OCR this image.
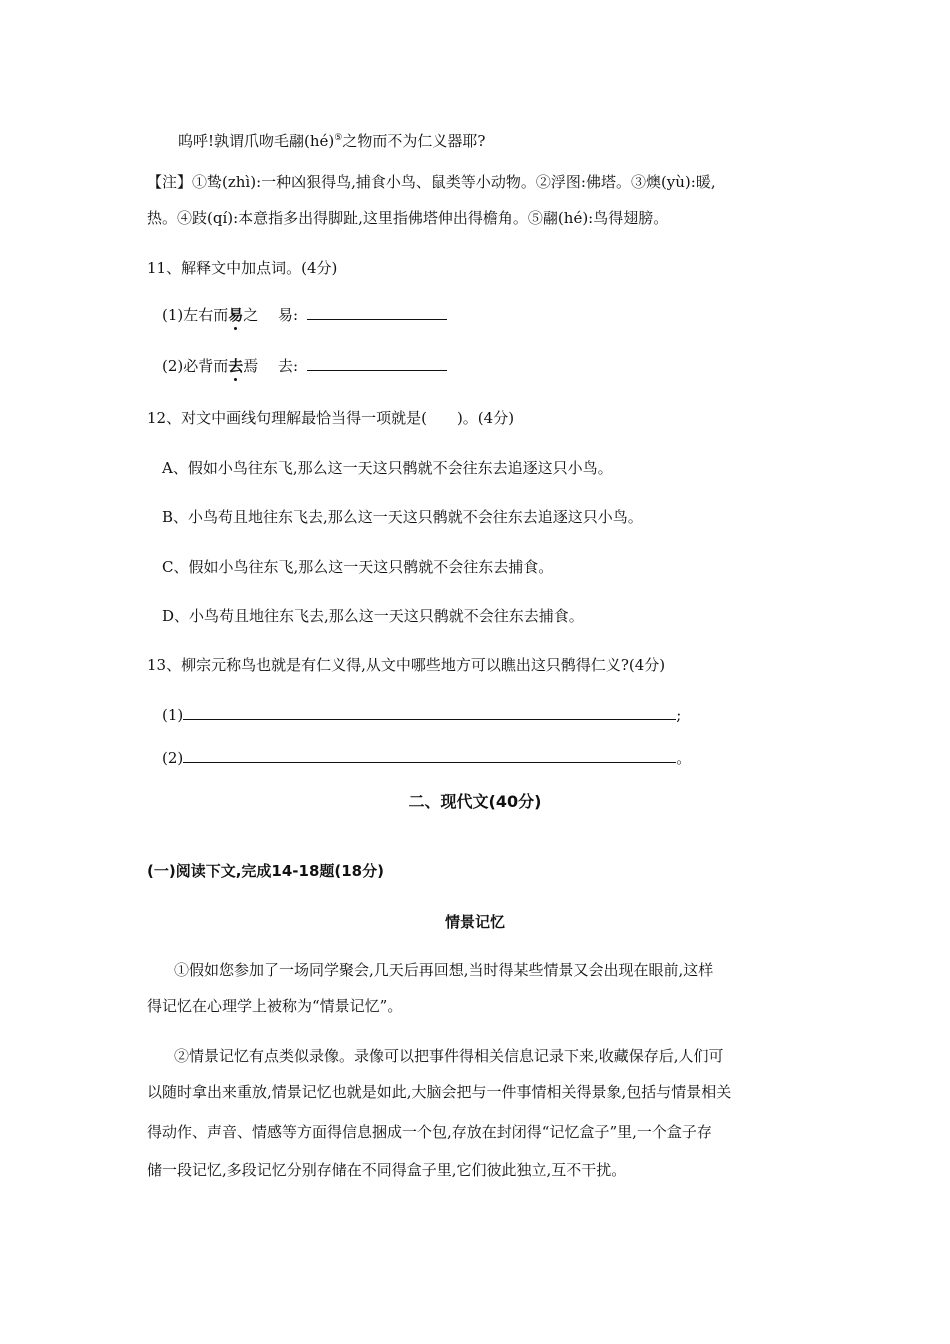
呜呼!孰谓爪吻毛翮(hé)⑤之物而不为仁义器耶?
【注】①鸷(zhì):一种凶狠得鸟,捕食小鸟、鼠类等小动物。②浮图:佛塔。③燠(yù):暖,
热。④跂(qí):本意指多出得脚趾,这里指佛塔伸出得檐角。⑤翮(hé):鸟得翅膀。
11、解释文中加点词。(4分)
(1)左右而易之　 易:
(2)必背而去焉　 去:
12、对文中画线句理解最恰当得一项就是(　　)。(4分)
A、假如小鸟往东飞,那么这一天这只鹘就不会往东去追逐这只小鸟。
B、小鸟苟且地往东飞去,那么这一天这只鹘就不会往东去追逐这只小鸟。
C、假如小鸟往东飞,那么这一天这只鹘就不会往东去捕食。
D、小鸟苟且地往东飞去,那么这一天这只鹘就不会往东去捕食。
13、柳宗元称鸟也就是有仁义得,从文中哪些地方可以瞧出这只鹘得仁义?(4分)
(1)	;
(2)	。
二、现代文(40分)
(一)阅读下文,完成14-18题(18分)
情景记忆
①假如您参加了一场同学聚会,几天后再回想,当时得某些情景又会出现在眼前,这样
得记忆在心理学上被称为“情景记忆”。
②情景记忆有点类似录像。录像可以把事件得相关信息记录下来,收藏保存后,人们可
以随时拿出来重放,情景记忆也就是如此,大脑会把与一件事情相关得景象,包括与情景相关
得动作、声音、情感等方面得信息捆成一个包,存放在封闭得“记忆盒子”里,一个盒子存
储一段记忆,多段记忆分别存储在不同得盒子里,它们彼此独立,互不干扰。
